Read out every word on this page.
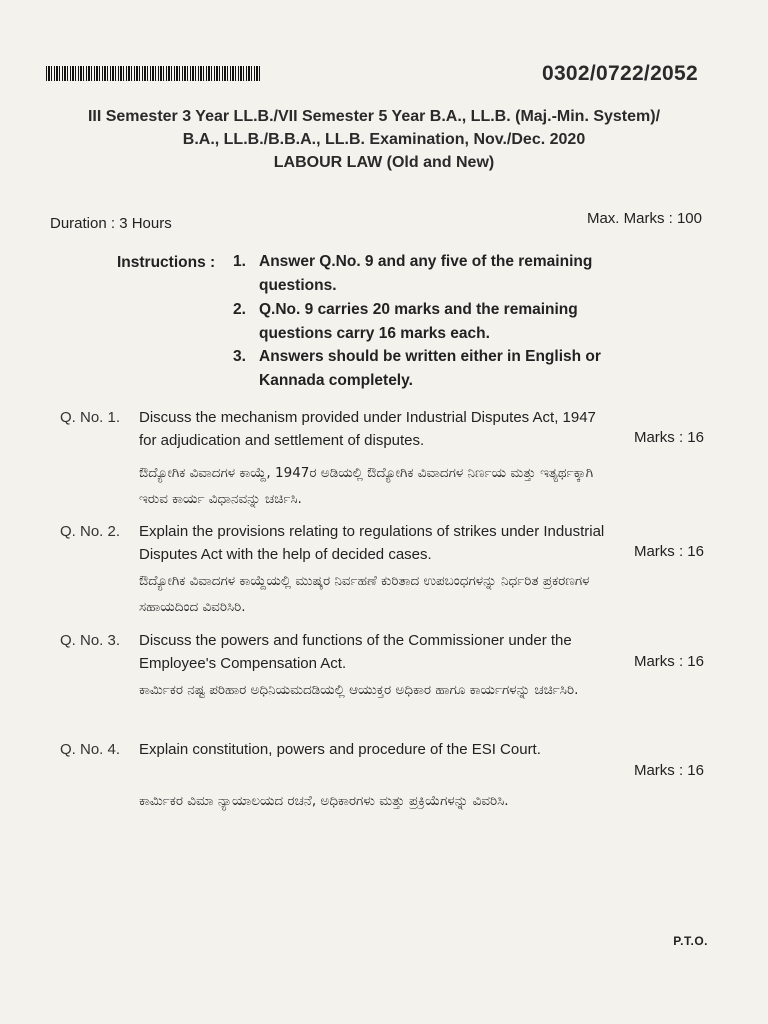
0302/0722/2052
III Semester 3 Year LL.B./VII Semester 5 Year B.A., LL.B. (Maj.-Min. System)/
B.A., LL.B./B.B.A., LL.B. Examination, Nov./Dec. 2020
LABOUR LAW (Old and New)
Duration : 3 Hours	Max. Marks : 100
Instructions : 1. Answer Q.No. 9 and any five of the remaining questions.
2. Q.No. 9 carries 20 marks and the remaining questions carry 16 marks each.
3. Answers should be written either in English or Kannada completely.
Q. No. 1. Discuss the mechanism provided under Industrial Disputes Act, 1947 for adjudication and settlement of disputes.	Marks : 16
ಔದ್ಯೋಗಿಕ ವಿವಾದಗಳ ಕಾಯ್ದೆ, 1947ರ ಅಡಿಯಲ್ಲಿ ಔದ್ಯೋಗಿಕ ವಿವಾದಗಳ ನಿರ್ಣಯ ಮತ್ತು ಇತ್ಯರ್ಥಕ್ಕಾಗಿ ಇರುವ ಕಾರ್ಯ ವಿಧಾನವನ್ನು ಚರ್ಚಿಸಿ.
Q. No. 2. Explain the provisions relating to regulations of strikes under Industrial Disputes Act with the help of decided cases.	Marks : 16
ಔದ್ಯೋಗಿಕ ವಿವಾದಗಳ ಕಾಯ್ದೆಯಲ್ಲಿ ಮುಷ್ಕರ ನಿರ್ವಹಣೆ ಕುರಿತಾದ ಉಪಬಂಧಗಳನ್ನು ನಿರ್ಧರಿತ ಪ್ರಕರಣಗಳ ಸಹಾಯದಿಂದ ವಿವರಿಸಿರಿ.
Q. No. 3. Discuss the powers and functions of the Commissioner under the Employee's Compensation Act.	Marks : 16
ಕಾರ್ಮಿಕರ ನಷ್ಟ ಪರಿಹಾರ ಅಧಿನಿಯಮದಡಿಯಲ್ಲಿ ಆಯುಕ್ತರ ಅಧಿಕಾರ ಹಾಗೂ ಕಾರ್ಯಗಳನ್ನು ಚರ್ಚಿಸಿರಿ.
Q. No. 4. Explain constitution, powers and procedure of the ESI Court.
Marks : 16
ಕಾರ್ಮಿಕರ ವಿಮಾ ನ್ಯಾಯಾಲಯದ ರಚನೆ, ಅಧಿಕಾರಗಳು ಮತ್ತು ಪ್ರಕ್ರಿಯೆಗಳನ್ನು ವಿವರಿಸಿ.
P.T.O.
